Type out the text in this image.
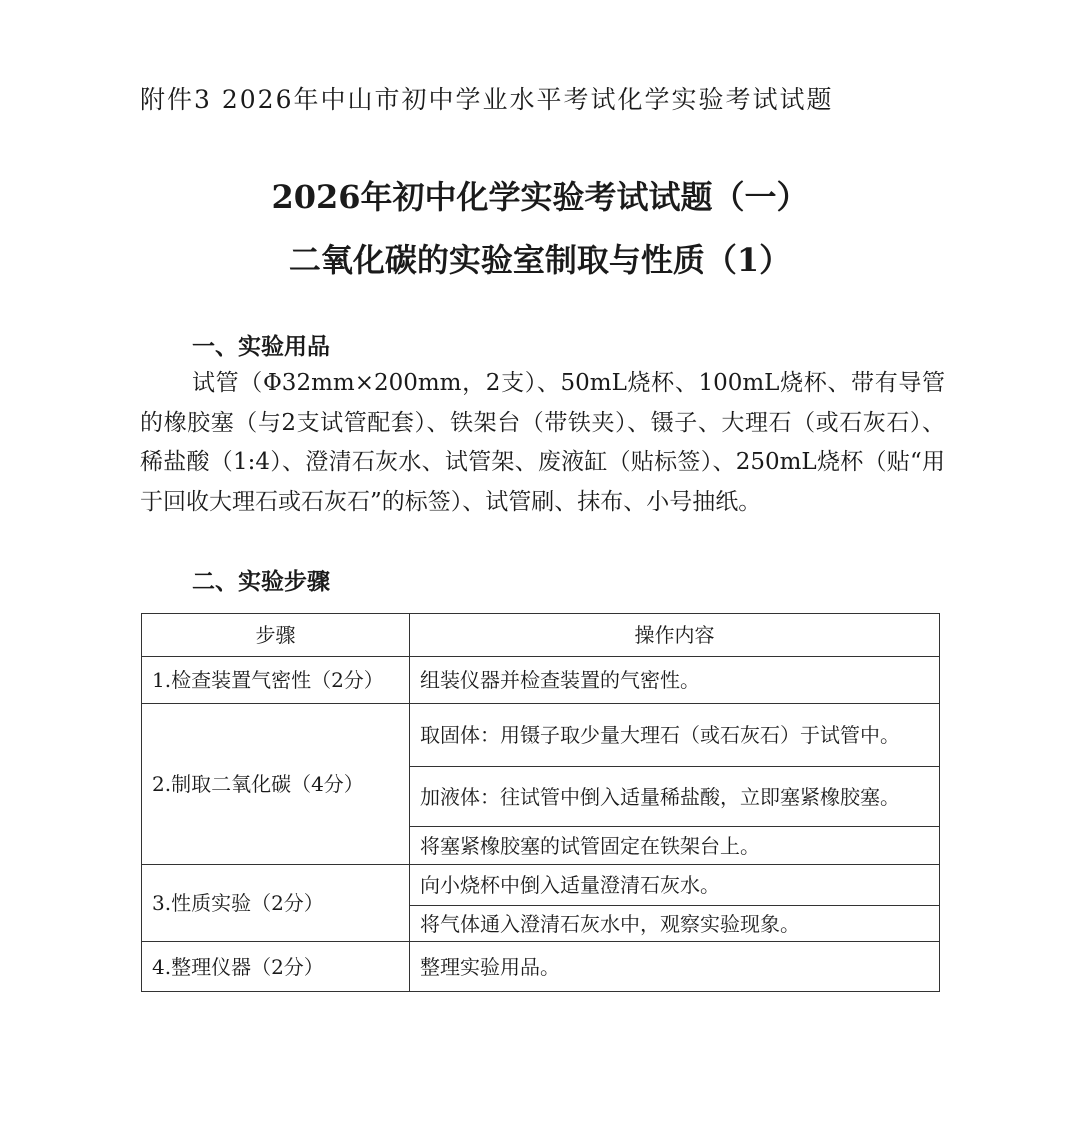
附件3 2026年中山市初中学业水平考试化学实验考试试题
2026年初中化学实验考试试题（一）
二氧化碳的实验室制取与性质（1）
一、实验用品
试管（Φ32mm×200mm，2支）、50mL烧杯、100mL烧杯、带有导管的橡胶塞（与2支试管配套）、铁架台（带铁夹）、镊子、大理石（或石灰石）、稀盐酸（1:4）、澄清石灰水、试管架、废液缸（贴标签）、250mL烧杯（贴“用于回收大理石或石灰石”的标签）、试管刷、抹布、小号抽纸。
二、实验步骤
步骤	操作内容
1.检查装置气密性（2分）	组装仪器并检查装置的气密性。
2.制取二氧化碳（4分）	取固体：用镊子取少量大理石（或石灰石）于试管中。
	加液体：往试管中倒入适量稀盐酸，立即塞紧橡胶塞。
	将塞紧橡胶塞的试管固定在铁架台上。
3.性质实验（2分）	向小烧杯中倒入适量澄清石灰水。
	将气体通入澄清石灰水中，观察实验现象。
4.整理仪器（2分）	整理实验用品。
